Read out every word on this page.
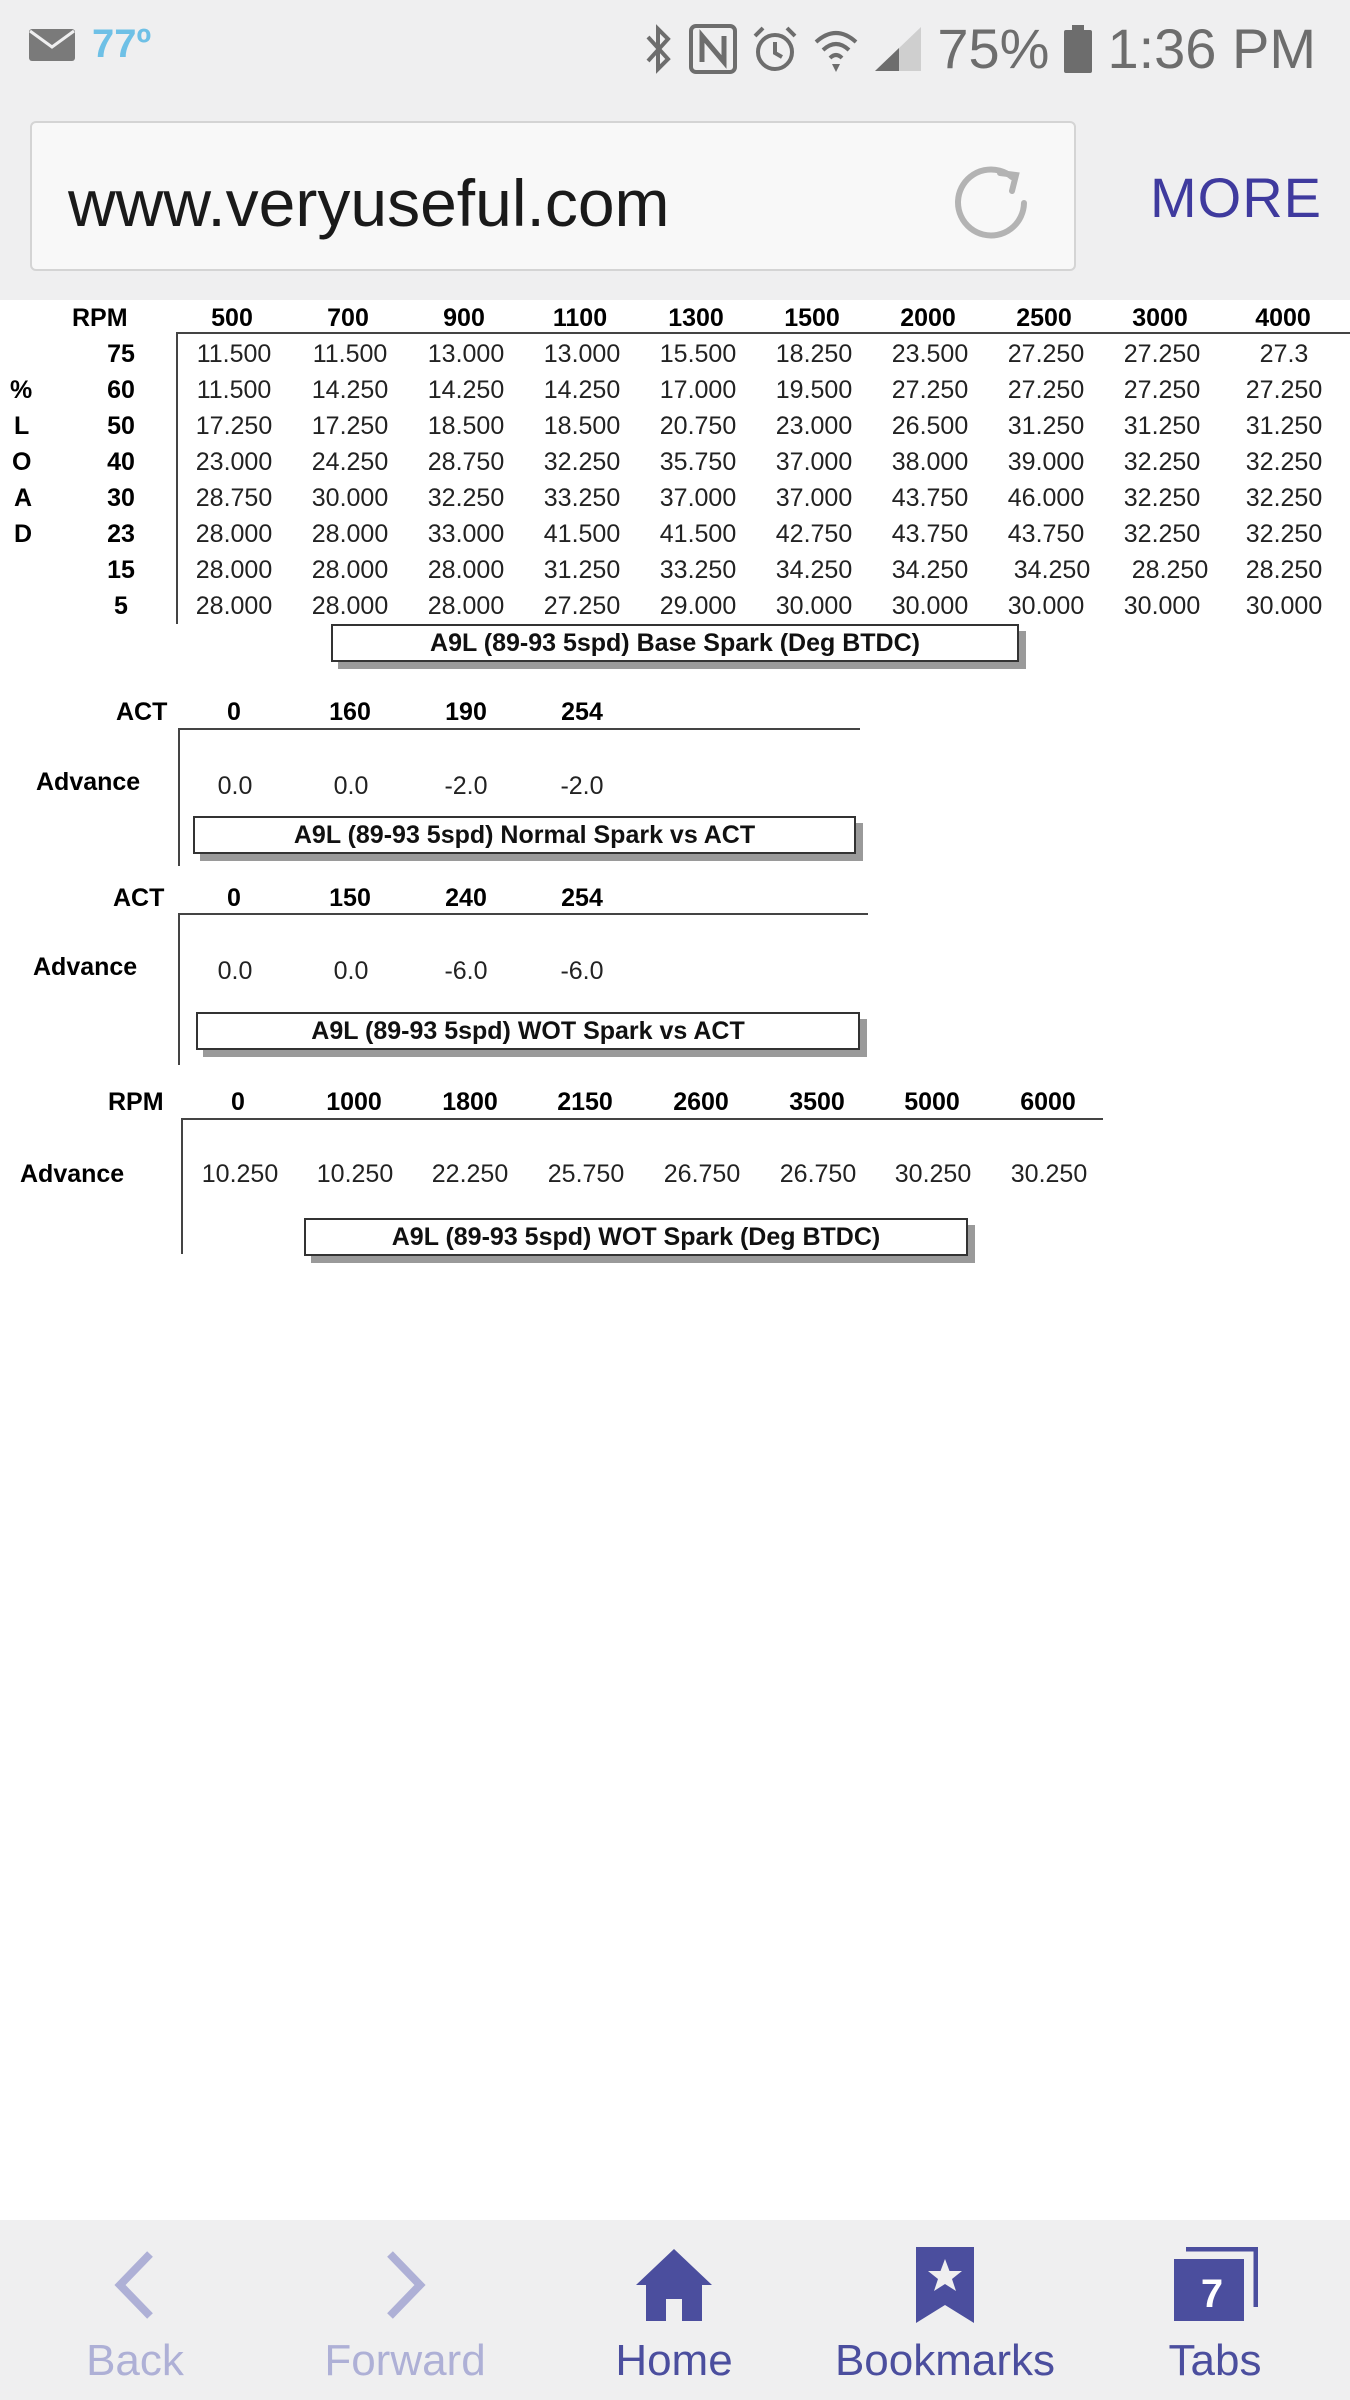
77º	75% 1:36 PM
www.veryuseful.com	MORE
RPM	500	700	900	1100 1300 1500 2000 2500 3000	4000
%
L
O
A
D
75 11.500 11.500 13.000 13.000 15.500 18.250 23.500 27.250 27.250 27.3
60 11.500 14.250 14.250 14.250 17.000 19.500 27.250 27.250 27.250 27.250
50 17.250 17.250 18.500 18.500 20.750 23.000 26.500 31.250 31.250 31.250
40 23.000 24.250 28.750 32.250 35.750 37.000 38.000 39.000 32.250 32.250
30 28.750 30.000 32.250 33.250 37.000 37.000 43.750 46.000 32.250 32.250
23 28.000 28.000 33.000 41.500 41.500 42.750 43.750 43.750 32.250 32.250
15 28.000 28.000 28.000 31.250 33.250 34.250 34.250 34.250 28.250 28.250
5	28.000 28.000 28.000 27.250 29.000 30.000 30.000 30.000 30.000 30.000
A9L (89-93 5spd) Base Spark (Deg BTDC)
ACT 0	160	190	254
Advance	0.0	0.0	-2.0	-2.0
A9L (89-93 5spd) Normal Spark vs ACT
ACT	0	150	240	254
Advance	0.0	0.0	-6.0	-6.0
A9L (89-93 5spd) WOT Spark vs ACT
RPM	0	1000 1800 2150 2600 3500 5000 6000
Advance	10.250 10.250 22.250 25.750 26.750 26.750 30.250 30.250
A9L (89-93 5spd) WOT Spark (Deg BTDC)
Back	Forward	Home Bookmarks
7
Tabs
